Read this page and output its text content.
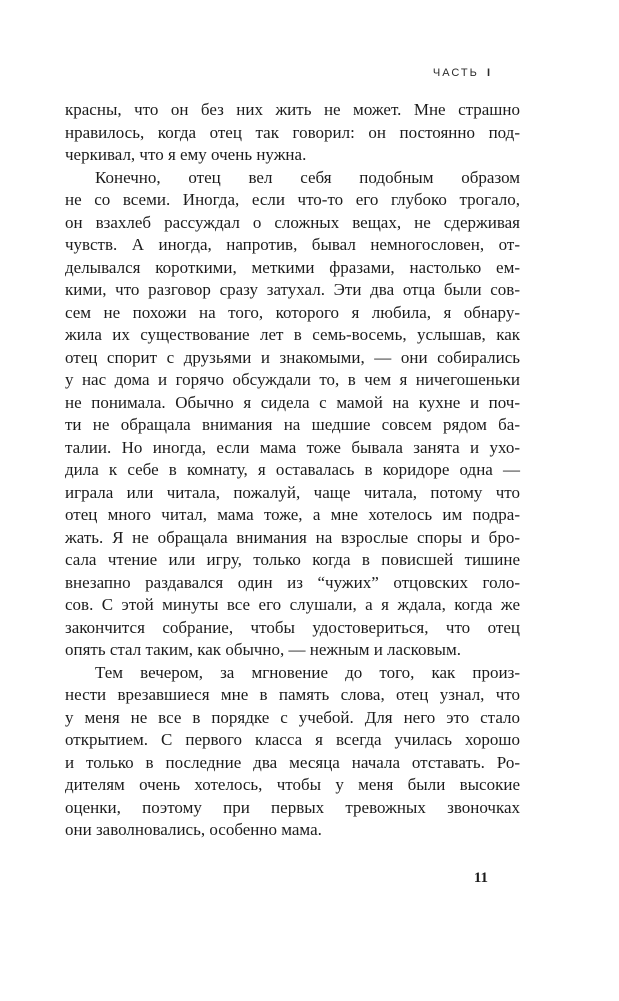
ЧАСТЬ I
красны, что он без них жить не может. Мне страшно
нравилось, когда отец так говорил: он постоянно под-
черкивал, что я ему очень нужна.
Конечно, отец вел себя подобным образом
не со всеми. Иногда, если что-то его глубоко трогало,
он взахлеб рассуждал о сложных вещах, не сдерживая
чувств. А иногда, напротив, бывал немногословен, от-
делывался короткими, меткими фразами, настолько ем-
кими, что разговор сразу затухал. Эти два отца были сов-
сем не похожи на того, которого я любила, я обнару-
жила их существование лет в семь-восемь, услышав, как
отец спорит с друзьями и знакомыми, — они собирались
у нас дома и горячо обсуждали то, в чем я ничегошеньки
не понимала. Обычно я сидела с мамой на кухне и поч-
ти не обращала внимания на шедшие совсем рядом ба-
талии. Но иногда, если мама тоже бывала занята и ухо-
дила к себе в комнату, я оставалась в коридоре одна —
играла или читала, пожалуй, чаще читала, потому что
отец много читал, мама тоже, а мне хотелось им подра-
жать. Я не обращала внимания на взрослые споры и бро-
сала чтение или игру, только когда в повисшей тишине
внезапно раздавался один из “чужих” отцовских голо-
сов. С этой минуты все его слушали, а я ждала, когда же
закончится собрание, чтобы удостовериться, что отец
опять стал таким, как обычно, — нежным и ласковым.
Тем вечером, за мгновение до того, как произ-
нести врезавшиеся мне в память слова, отец узнал, что
у меня не все в порядке с учебой. Для него это стало
открытием. С первого класса я всегда училась хорошо
и только в последние два месяца начала отставать. Ро-
дителям очень хотелось, чтобы у меня были высокие
оценки, поэтому при первых тревожных звоночках
они заволновались, особенно мама.
11
